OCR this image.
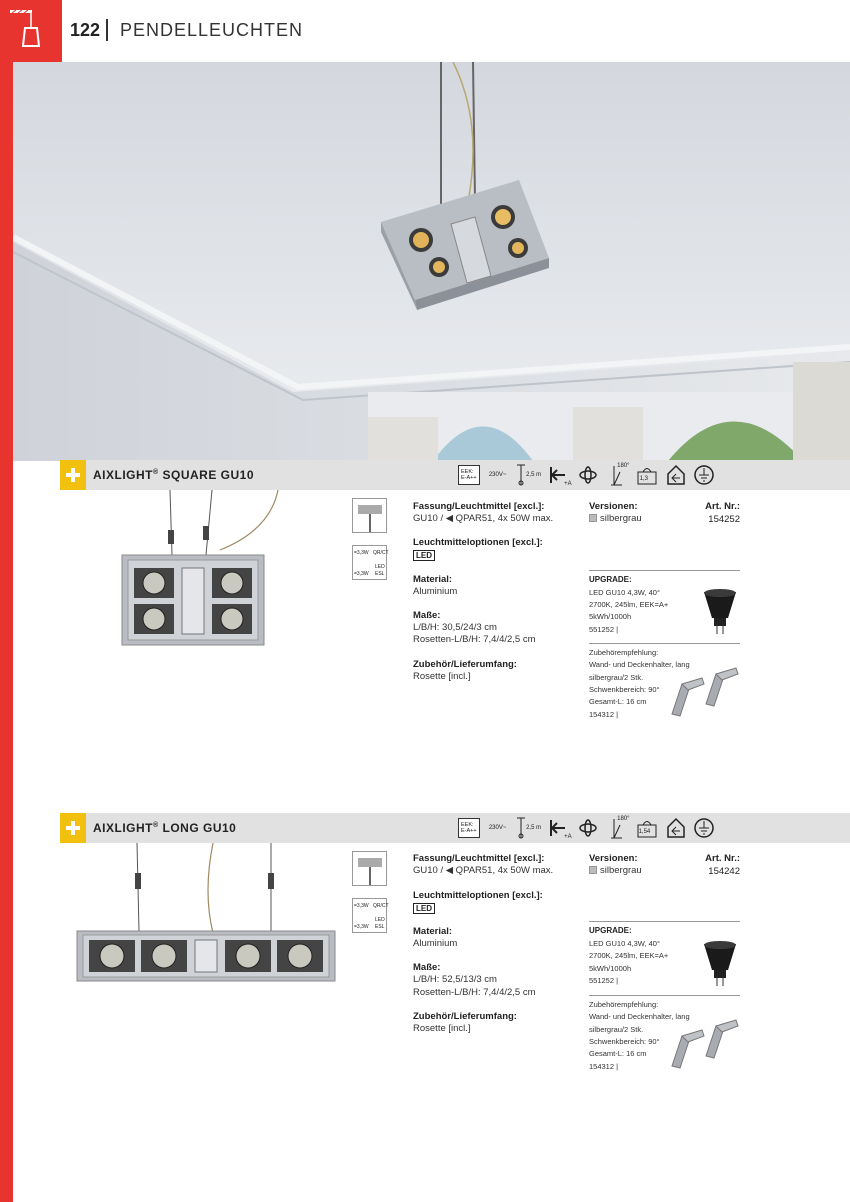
122 PENDELLEUCHTEN
AIXLIGHT® SQUARE GU10	EEK:
E-A++	230V~	2,5 m
+A
180°
1,3
=3,3W QR/CT
LED
ESL
=3,3W
Fassung/Leuchtmittel [excl.]:
GU10 / ◀ QPAR51, 4x 50W max.
Leuchtmitteloptionen [excl.]:
LED
Material:
Aluminium
Maße:
L/B/H: 30,5/24/3 cm
Rosetten-L/B/H: 7,4/4/2,5 cm
Zubehör/Lieferumfang:
Rosette [incl.]
Versionen:	Art. Nr.:
silbergrau	154252
UPGRADE:
LED GU10 4,3W, 40°
2700K, 245lm, EEK=A+
5kWh/1000h
551252 |
Zubehörempfehlung:
Wand- und Deckenhalter, lang
silbergrau/2 Stk.
Schwenkbereich: 90°
Gesamt-L: 16 cm
154312 |
AIXLIGHT® LONG GU10	EEK:
E-A++	230V~	2,5 m
+A
180°
1,54
=3,3W QR/CT
LED
ESL
=3,3W
Fassung/Leuchtmittel [excl.]:
GU10 / ◀ QPAR51, 4x 50W max.
Leuchtmitteloptionen [excl.]:
LED
Material:
Aluminium
Maße:
L/B/H: 52,5/13/3 cm
Rosetten-L/B/H: 7,4/4/2,5 cm
Zubehör/Lieferumfang:
Rosette [incl.]
Versionen:	Art. Nr.:
silbergrau	154242
UPGRADE:
LED GU10 4,3W, 40°
2700K, 245lm, EEK=A+
5kWh/1000h
551252 |
Zubehörempfehlung:
Wand- und Deckenhalter, lang
silbergrau/2 Stk.
Schwenkbereich: 90°
Gesamt-L: 16 cm
154312 |
